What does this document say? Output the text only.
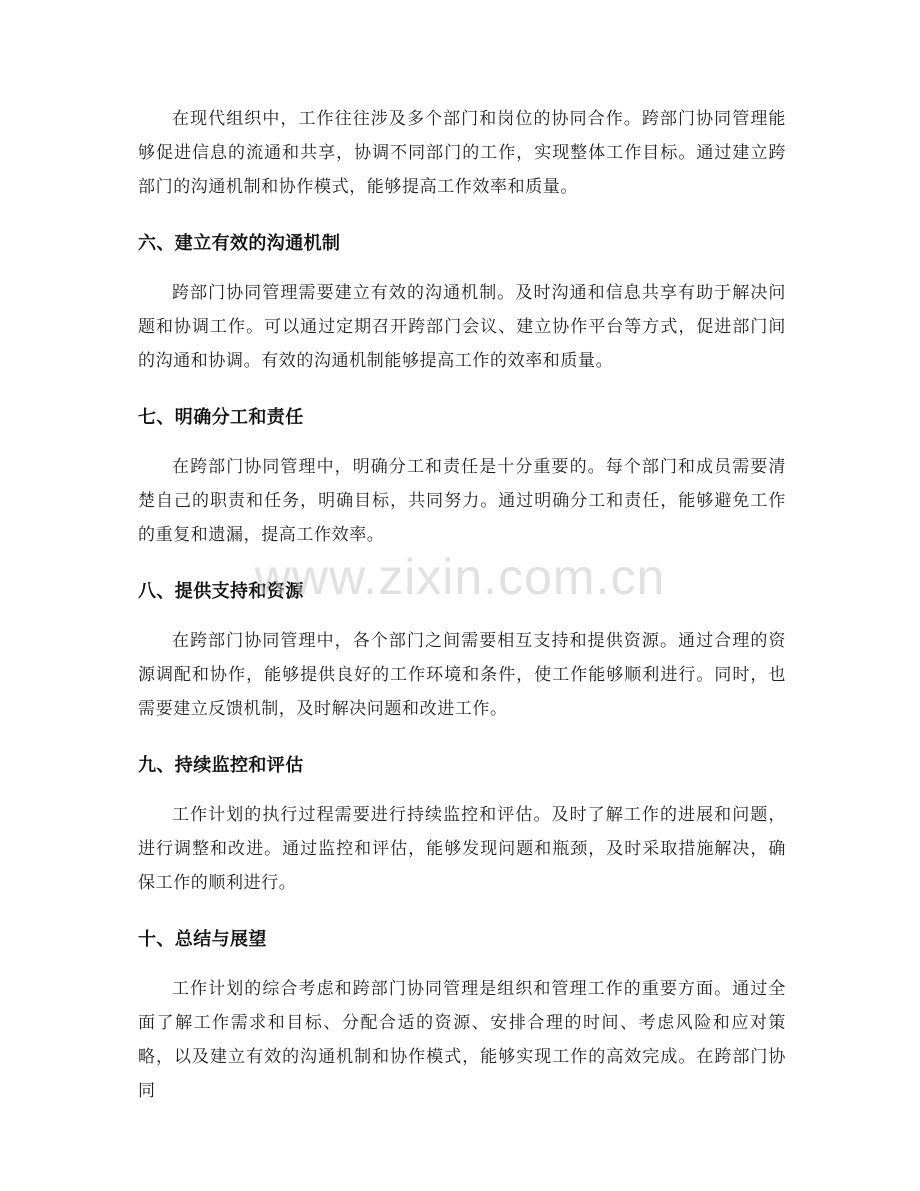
在现代组织中，工作往往涉及多个部门和岗位的协同合作。跨部门协同管理能够促进信息的流通和共享，协调不同部门的工作，实现整体工作目标。通过建立跨部门的沟通机制和协作模式，能够提高工作效率和质量。

六、建立有效的沟通机制

跨部门协同管理需要建立有效的沟通机制。及时沟通和信息共享有助于解决问题和协调工作。可以通过定期召开跨部门会议、建立协作平台等方式，促进部门间的沟通和协调。有效的沟通机制能够提高工作的效率和质量。

七、明确分工和责任

在跨部门协同管理中，明确分工和责任是十分重要的。每个部门和成员需要清楚自己的职责和任务，明确目标，共同努力。通过明确分工和责任，能够避免工作的重复和遗漏，提高工作效率。

八、提供支持和资源

在跨部门协同管理中，各个部门之间需要相互支持和提供资源。通过合理的资源调配和协作，能够提供良好的工作环境和条件，使工作能够顺利进行。同时，也需要建立反馈机制，及时解决问题和改进工作。

九、持续监控和评估

工作计划的执行过程需要进行持续监控和评估。及时了解工作的进展和问题，进行调整和改进。通过监控和评估，能够发现问题和瓶颈，及时采取措施解决，确保工作的顺利进行。

十、总结与展望

工作计划的综合考虑和跨部门协同管理是组织和管理工作的重要方面。通过全面了解工作需求和目标、分配合适的资源、安排合理的时间、考虑风险和应对策略，以及建立有效的沟通机制和协作模式，能够实现工作的高效完成。在跨部门协同

www.zixin.com.cn
